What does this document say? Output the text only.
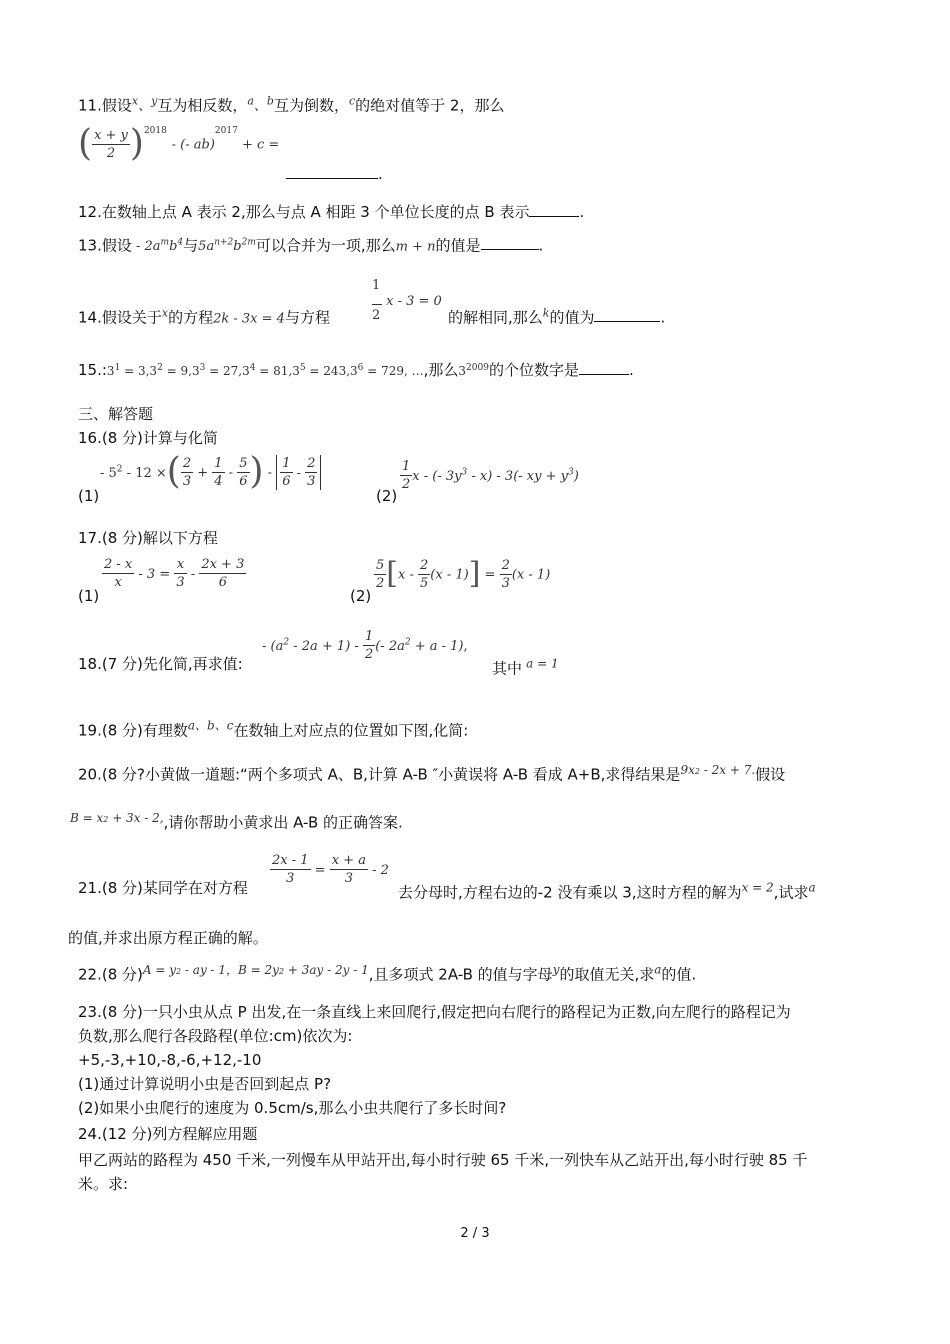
11.假设$^x$、$^y$互为相反数，$^a$、$^b$互为倒数，$^c$的绝对值等于 2，那么
( $\frac{x + y}{2} )^{2018}$ - (- ab)$^{2017}$ + c =
.
12.在数轴上点 A 表示 2,那么与点 A 相距 3 个单位长度的点 B 表示	.
13.假设 - $2a^mb^4$与$5a^{n+2}b^{2m}$可以合并为一项,那么m + n的值是	.
1
14.假设关于$^x$的方程2k - 3x = 4与方程
x - 3 = 0
2	的解相同,那么$^k$的值为	.
$15.:3^1 = 3,3^2 = 9,3^3 = 27,3^4 = 81,3^5 = 243,3^6 = 729$, …,那么$3^{2009}$的个位数字是	.
三、解答题
16.(8 分)计算与化简
(1)
- $5^2 - 12$ ×( $\frac{2}{3} + \frac{1}{4} - \frac{5}{6}$ ) - $\frac{1}{6} - \frac{2}{3}$
(2)
$\frac{1}{2}$ x - (- $3y^3 - x) - 3(-$ xy + $y^3$)
17.(8 分)解以下方程
(1)
$\frac{2 - x}{x} - 3 = \frac{x}{3} - \frac{2x + 3}{6}$
(2)
$\frac{5}{2} [x - \frac{2}{5} (x - 1)] = \frac{2}{3} (x - 1)$
18.(7 分)先化简,再求值:
- $(a^2 - 2a + 1) - \frac{1}{2}$ (- $2a^2 + a - 1$),
其中 $^{a = 1}$
19.(8 分)有理数$^{a、b、c}$在数轴上对应点的位置如下图,化简:
20.(8 分?小黄做一道题:“两个多项式 A、B,计算 A-B ″小黄误将 A-B 看成 A+B,求得结果是$^{9x2 - 2x + 7.}$假设
$^{B = x2 + 3x - 2,}$,请你帮助小黄求出 A-B 的正确答案.
21.(8 分)某同学在对方程
$\frac{2x - 1}{3} = \frac{x + a}{3} - 2$
去分母时,方程右边的-2 没有乘以 3,这时方程的解为$^{x = 2}$,试求$^a$
的值,并求出原方程正确的解。
22.(8 分)$^{A = y2 - ay - 1,B = 2y2 + 3ay - 2y - 1}$,且多项式 2A-B 的值与字母$^y$的取值无关,求$^a$的值.
23.(8 分)一只小虫从点 P 出发,在一条直线上来回爬行,假定把向右爬行的路程记为正数,向左爬行的路程记为
负数,那么爬行各段路程(单位:cm)依次为:
+5,-3,+10,-8,-6,+12,-10
(1)通过计算说明小虫是否回到起点 P?
(2)如果小虫爬行的速度为 0.5cm/s,那么小虫共爬行了多长时间?
24.(12 分)列方程解应用题
甲乙两站的路程为 450 千米,一列慢车从甲站开出,每小时行驶 65 千米,一列快车从乙站开出,每小时行驶 85 千
米。求:
2 / 3
